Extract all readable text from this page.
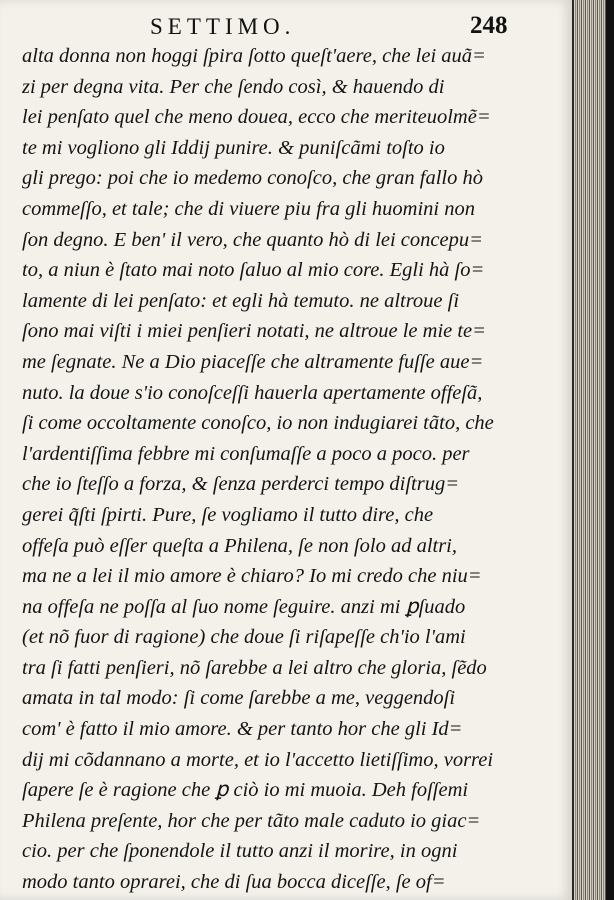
SETTIMO.	248
alta donna non hoggi ſpira ſotto queſt'aere, che lei auã=
zi per degna vita. Per che ſendo così, & hauendo di
lei penſato quel che meno douea, ecco che meriteuolmẽ=
te mi vogliono gli Iddij punire. & puniſcãmi toſto io
gli prego: poi che io medemo conoſco, che gran fallo hò
commeſſo, et tale; che di viuere piu fra gli huomini non
ſon degno. E ben' il vero, che quanto hò di lei concepu=
to, a niun è ſtato mai noto ſaluo al mio core. Egli hà ſo=
lamente di lei penſato: et egli hà temuto. ne altroue ſi
ſono mai viſti i miei penſieri notati, ne altroue le mie te=
me ſegnate. Ne a Dio piaceſſe che altramente fuſſe aue=
nuto. la doue s'io conoſceſſi hauerla apertamente offeſã,
ſi come occoltamente conoſco, io non indugiarei tãto, che
l'ardentiſſima febbre mi conſumaſſe a poco a poco. per
che io ſteſſo a forza, & ſenza perderci tempo diſtrug=
gerei q̃ſti ſpirti. Pure, ſe vogliamo il tutto dire, che
offeſa può eſſer queſta a Philena, ſe non ſolo ad altri,
ma ne a lei il mio amore è chiaro? Io mi credo che niu=
na offeſa ne poſſa al ſuo nome ſeguire. anzi mi ꝑſuado
(et nõ fuor di ragione) che doue ſi riſapeſſe ch'io l'ami
tra ſi fatti penſieri, nõ ſarebbe a lei altro che gloria, ſẽdo
amata in tal modo: ſi come ſarebbe a me, veggendoſi
com' è fatto il mio amore. & per tanto hor che gli Id=
dij mi cõdannano a morte, et io l'accetto lietiſſimo, vorrei
ſapere ſe è ragione che ꝑ ciò io mi muoia. Deh foſſemi
Philena preſente, hor che per tãto male caduto io giac=
cio. per che ſponendole il tutto anzi il morire, in ogni
modo tanto oprarei, che di ſua bocca diceſſe, ſe of=
